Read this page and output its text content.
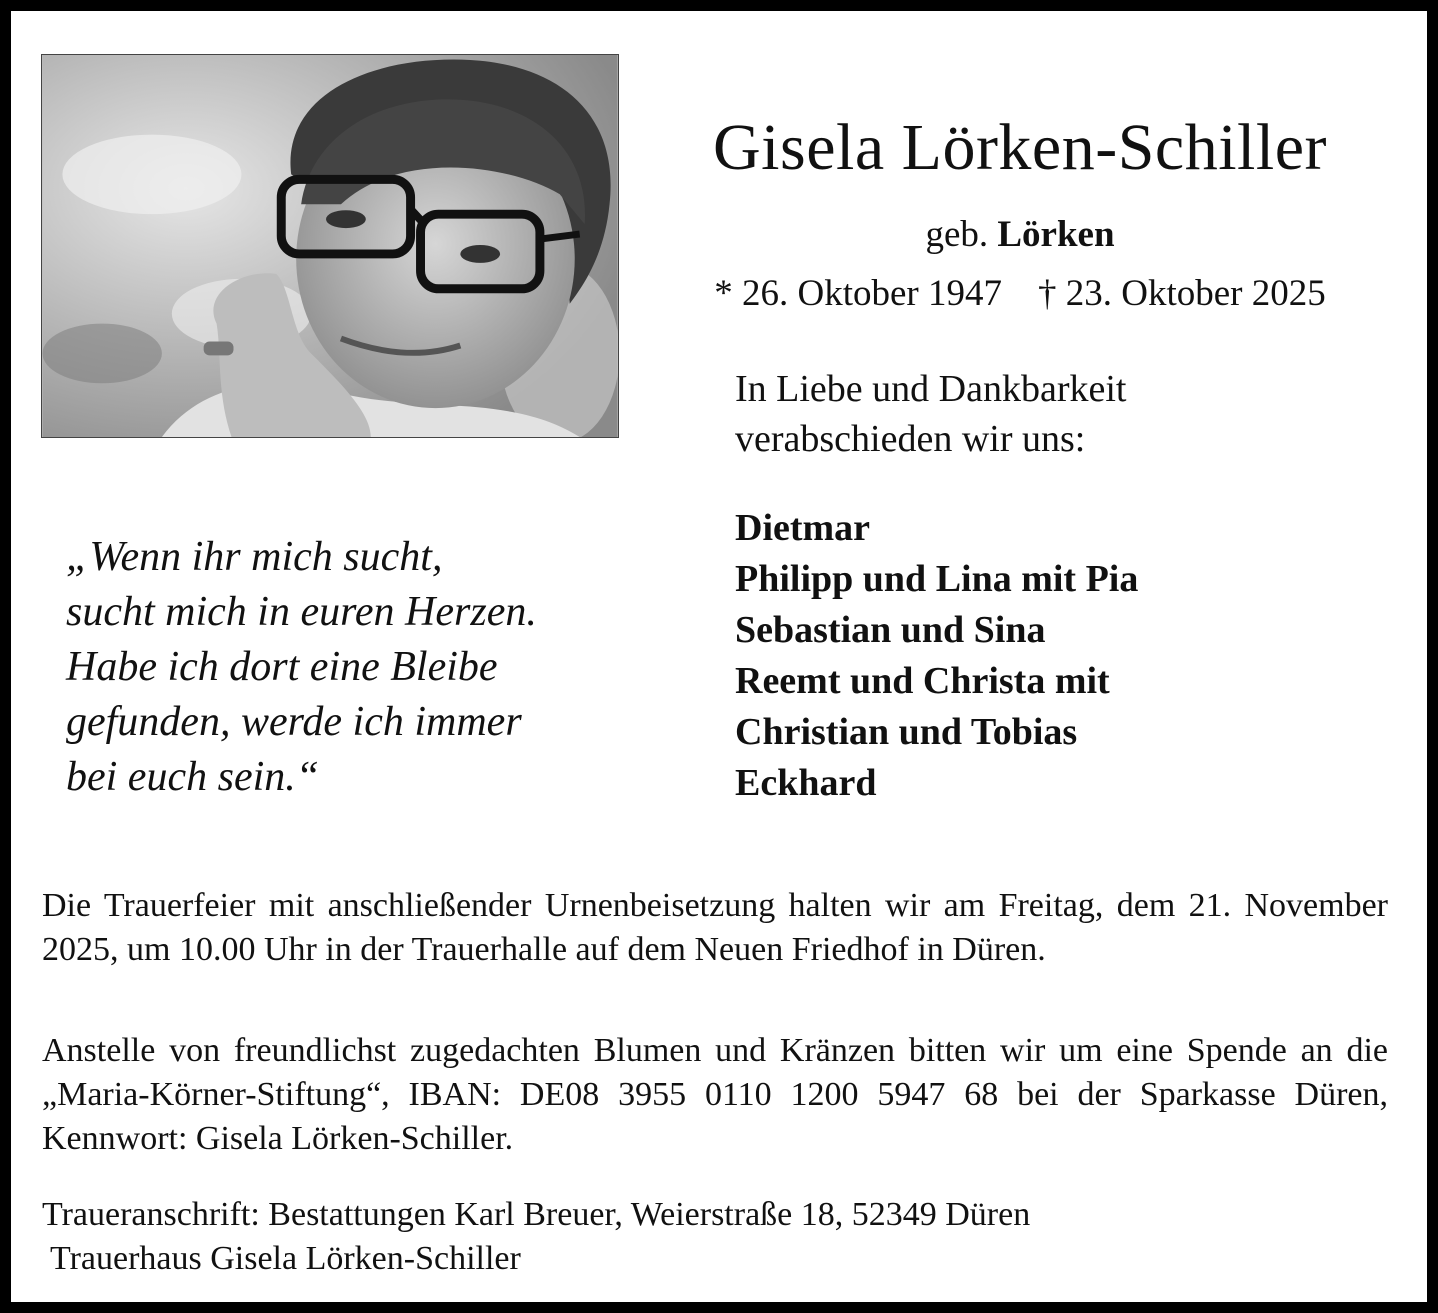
Gisela Lörken-Schiller
geb. Lörken
* 26. Oktober 1947 † 23. Oktober 2025
In Liebe und Dankbarkeit
verabschieden wir uns:
Dietmar
Philipp und Lina mit Pia
Sebastian und Sina
Reemt und Christa mit
Christian und Tobias
Eckhard
„Wenn ihr mich sucht,
sucht mich in euren Herzen.
Habe ich dort eine Bleibe
gefunden, werde ich immer
bei euch sein.“
Die Trauerfeier mit anschließender Urnenbeisetzung halten wir am Freitag, dem 21. November 2025, um 10.00 Uhr in der Trauerhalle auf dem Neuen Friedhof in Düren.
Anstelle von freundlichst zugedachten Blumen und Kränzen bitten wir um eine Spende an die „Maria-Körner-Stiftung“, IBAN: DE08 3955 0110 1200 5947 68 bei der Sparkasse Düren, Kennwort: Gisela Lörken-Schiller.
Traueranschrift: Bestattungen Karl Breuer, Weierstraße 18, 52349 Düren
Trauerhaus Gisela Lörken-Schiller
